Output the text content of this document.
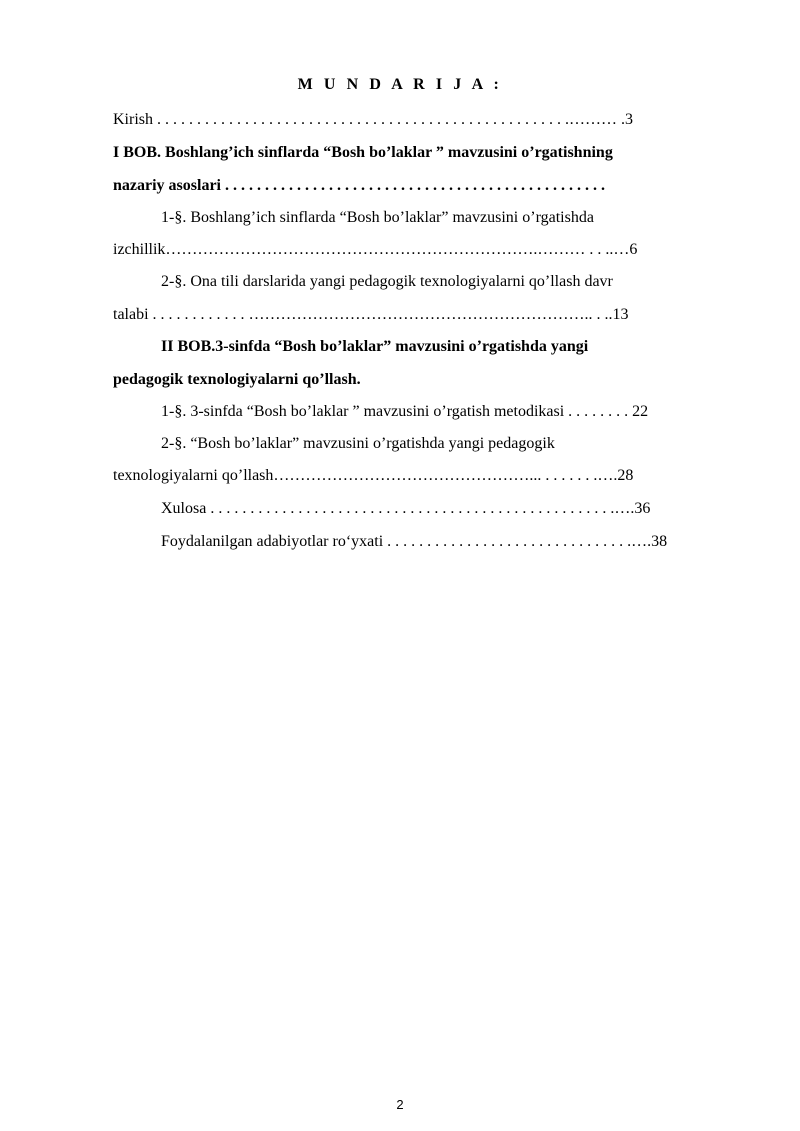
M U N D A R I J A :
Kirish . . . . . . . . . . . . . . . . . . . . . . . . . . . . . . . . . . . . . . . . . . . . . . . . . . . .……… .3
I BOB. Boshlang’ich sinflarda “Bosh bo’laklar ” mavzusini o’rgatishning
nazariy asoslari . . . . . . . . . . . . . . . . . . . . . . . . . . . . . . . . . . . . . . . . . . . . . . . .
1-§. Boshlang’ich sinflarda “Bosh bo’laklar” mavzusini o’rgatishda
izchillik…………………………………………………………….……… . . ..…6
2-§. Ona tili darslarida yangi pedagogik texnologiyalarni qo’llash davr
talabi . . . . . . . . . . . . ……………………………………………………….. . ..13
II BOB.3-sinfda “Bosh bo’laklar” mavzusini o’rgatishda yangi
pedagogik texnologiyalarni qo’llash.
1-§. 3-sinfda “Bosh bo’laklar ” mavzusini o’rgatish metodikasi . . . . . . . . 22
2-§. “Bosh bo’laklar” mavzusini o’rgatishda yangi pedagogik
texnologiyalarni qo’llash…………………………………………... . . . . . . .….28
Xulosa . . . . . . . . . . . . . . . . . . . . . . . . . . . . . . . . . . . . . . . . . . . . . . . . . . .….36
Foydalanilgan adabiyotlar ro‘yxati . . . . . . . . . . . . . . . . . . . . . . . . . . . . . . .….38
2
